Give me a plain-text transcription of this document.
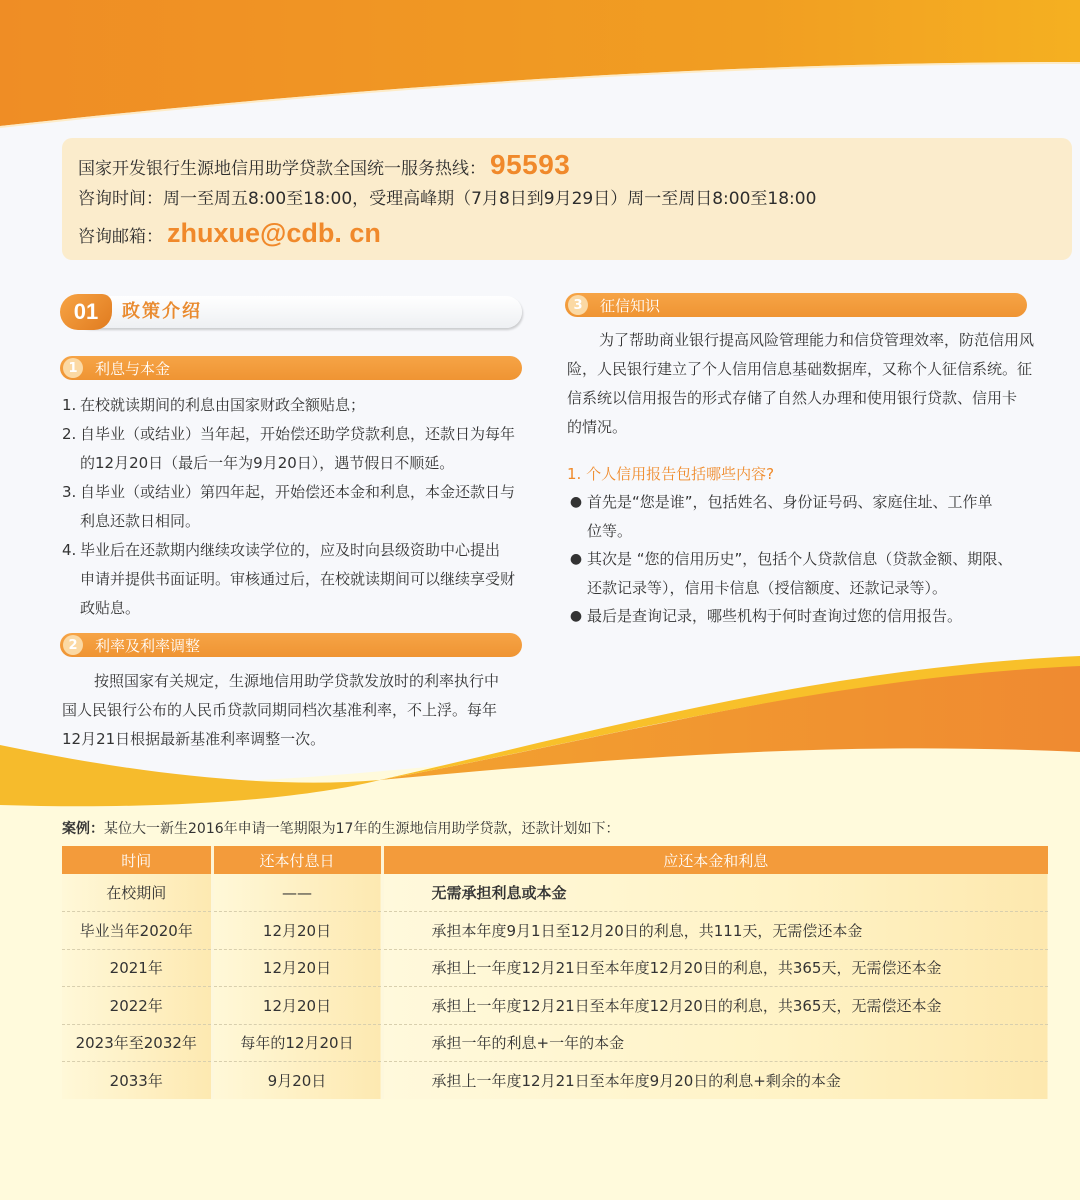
国家开发银行生源地信用助学贷款全国统一服务热线： 95593
咨询时间： 周一至周五8:00至18:00，受理高峰期（7月8日到9月29日）周一至周日8:00至18:00
咨询邮箱： zhuxue@cdb. cn
01	政策介绍
1	利息与本金
1. 在校就读期间的利息由国家财政全额贴息；
2. 自毕业（或结业）当年起，开始偿还助学贷款利息，还款日为每年
的12月20日（最后一年为9月20日），遇节假日不顺延。
3. 自毕业（或结业）第四年起，开始偿还本金和利息，本金还款日与
利息还款日相同。
4. 毕业后在还款期内继续攻读学位的，应及时向县级资助中心提出
申请并提供书面证明。审核通过后，在校就读期间可以继续享受财
政贴息。
2	利率及利率调整
按照国家有关规定，生源地信用助学贷款发放时的利率执行中
国人民银行公布的人民币贷款同期同档次基准利率，不上浮。每年
12月21日根据最新基准利率调整一次。
3	征信知识
为了帮助商业银行提高风险管理能力和信贷管理效率，防范信用风
险，人民银行建立了个人信用信息基础数据库，又称个人征信系统。征
信系统以信用报告的形式存储了自然人办理和使用银行贷款、信用卡
的情况。
1. 个人信用报告包括哪些内容?
● 首先是“您是谁”，包括姓名、身份证号码、家庭住址、工作单
位等。
● 其次是 “您的信用历史”，包括个人贷款信息（贷款金额、期限、
还款记录等），信用卡信息（授信额度、还款记录等）。
● 最后是查询记录，哪些机构于何时查询过您的信用报告。
案例：某位大一新生2016年申请一笔期限为17年的生源地信用助学贷款，还款计划如下：
时间	还本付息日	应还本金和利息
在校期间	——	无需承担利息或本金
毕业当年2020年	12月20日	承担本年度9月1日至12月20日的利息，共111天，无需偿还本金
2021年	12月20日	承担上一年度12月21日至本年度12月20日的利息，共365天，无需偿还本金
2022年	12月20日	承担上一年度12月21日至本年度12月20日的利息，共365天，无需偿还本金
2023年至2032年	每年的12月20日	承担一年的利息+一年的本金
2033年	9月20日	承担上一年度12月21日至本年度9月20日的利息+剩余的本金
